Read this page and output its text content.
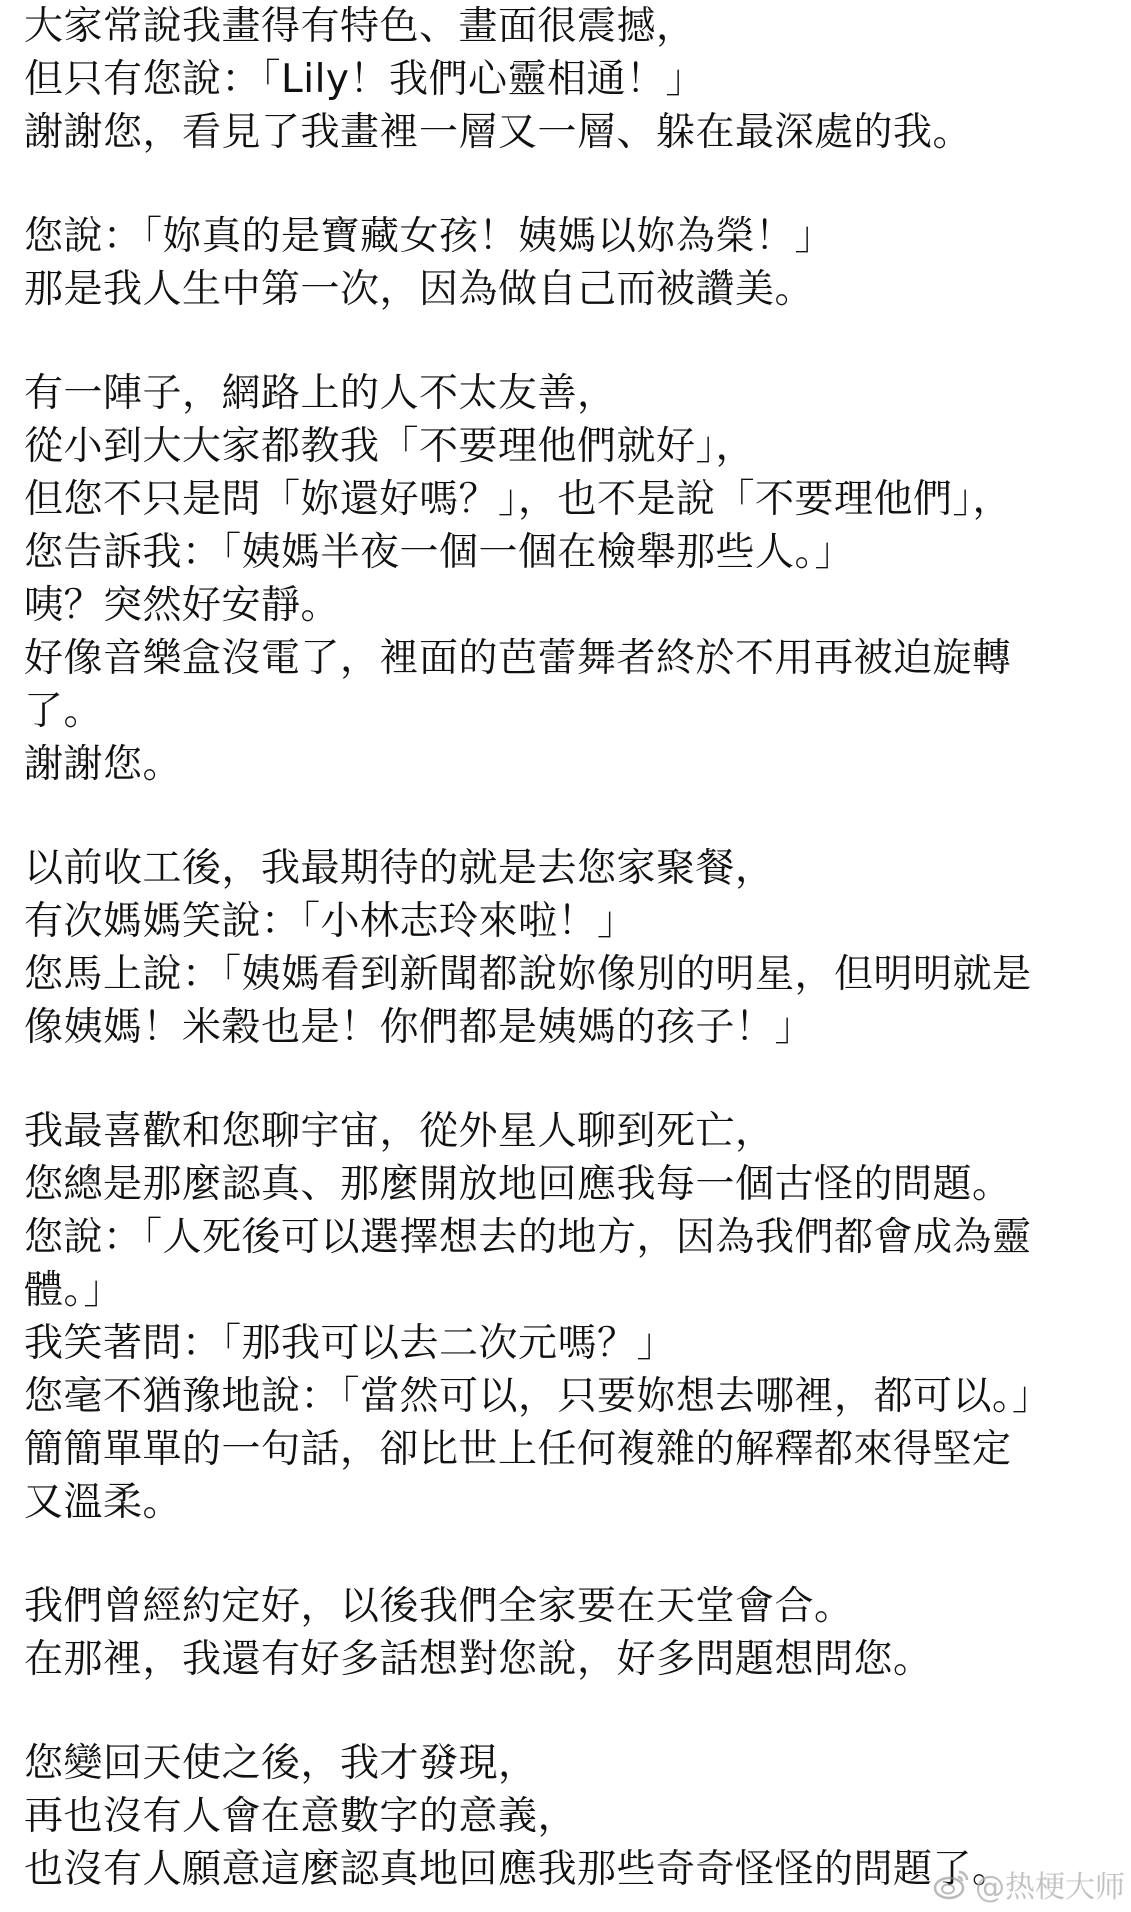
大家常說我畫得有特色、畫面很震撼，
但只有您說：「Lily！我們心靈相通！」
謝謝您，看見了我畫裡一層又一層、躲在最深處的我。
您說：「妳真的是寶藏女孩！姨媽以妳為榮！」
那是我人生中第一次，因為做自己而被讚美。
有一陣子，網路上的人不太友善，
從小到大大家都教我「不要理他們就好」，
但您不只是問「妳還好嗎？」，也不是說「不要理他們」，
您告訴我：「姨媽半夜一個一個在檢舉那些人。」
咦？突然好安靜。
好像音樂盒沒電了，裡面的芭蕾舞者終於不用再被迫旋轉
了。
謝謝您。
以前收工後，我最期待的就是去您家聚餐，
有次媽媽笑說：「小林志玲來啦！」
您馬上說：「姨媽看到新聞都說妳像別的明星，但明明就是
像姨媽！米穀也是！你們都是姨媽的孩子！」
我最喜歡和您聊宇宙，從外星人聊到死亡，
您總是那麼認真、那麼開放地回應我每一個古怪的問題。
您說：「人死後可以選擇想去的地方，因為我們都會成為靈
體。」
我笑著問：「那我可以去二次元嗎？」
您毫不猶豫地說：「當然可以，只要妳想去哪裡，都可以。」
簡簡單單的一句話，卻比世上任何複雜的解釋都來得堅定
又溫柔。
我們曾經約定好，以後我們全家要在天堂會合。
在那裡，我還有好多話想對您說，好多問題想問您。
您變回天使之後，我才發現，
再也沒有人會在意數字的意義，
也沒有人願意這麼認真地回應我那些奇奇怪怪的問題了。
@热梗大师
